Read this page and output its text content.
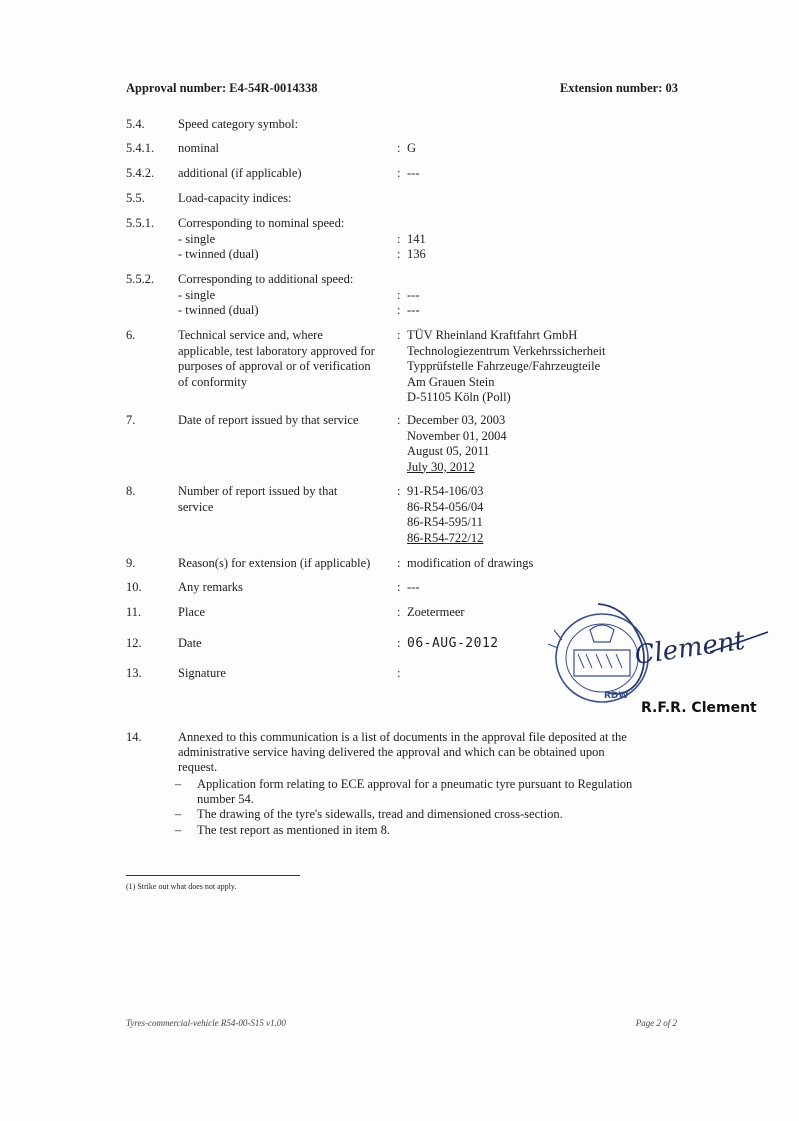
Approval number: E4-54R-0014338	Extension number: 03
5.4.	Speed category symbol:
5.4.1.	nominal	: G
5.4.2.	additional (if applicable)	: ---
5.5.	Load-capacity indices:
5.5.1.	Corresponding to nominal speed:
- single	: 141
- twinned (dual)	: 136
5.5.2.	Corresponding to additional speed:
- single	: ---
- twinned (dual)	: ---
6.	Technical service and, where
applicable, test laboratory approved for
purposes of approval or of verification
of conformity
: TÜV Rheinland Kraftfahrt GmbH
Technologiezentrum Verkehrssicherheit
Typprüfstelle Fahrzeuge/Fahrzeugteile
Am Grauen Stein
D-51105 Köln (Poll)
7.	Date of report issued by that service	: December 03, 2003
November 01, 2004
August 05, 2011
July 30, 2012
8.	Number of report issued by that
service
: 91-R54-106/03
86-R54-056/04
86-R54-595/11
86-R54-722/12
9.	Reason(s) for extension (if applicable)	: modification of drawings
10.	Any remarks	: ---
11.	Place	: Zoetermeer
12.	Date	: 06-AUG-2012
13.	Signature	:
RDW
Clement
R.F.R. Clement
14.	Annexed to this communication is a list of documents in the approval file deposited at the
administrative service having delivered the approval and which can be obtained upon
request.
– Application form relating to ECE approval for a pneumatic tyre pursuant to Regulation
number 54.
– The drawing of the tyre's sidewalls, tread and dimensioned cross-section.
– The test report as mentioned in item 8.
(1) Strike out what does not apply.
Tyres-commercial-vehicle R54-00-S15 v1.00	Page 2 of 2
